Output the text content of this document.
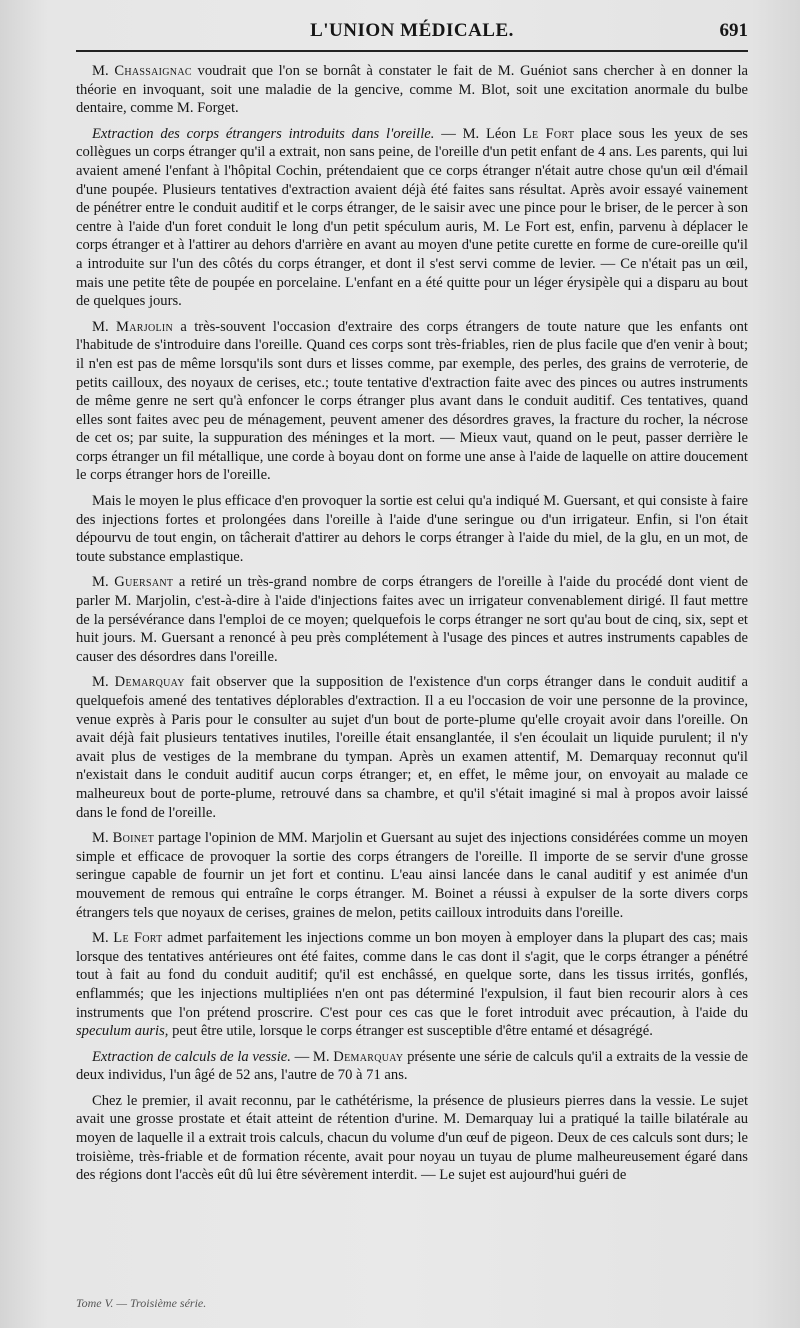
L'UNION MÉDICALE.	691

M. Chassaignac voudrait que l'on se bornât à constater le fait de M. Guéniot sans chercher à en donner la théorie en invoquant, soit une maladie de la gencive, comme M. Blot, soit une excitation anormale du bulbe dentaire, comme M. Forget.

Extraction des corps étrangers introduits dans l'oreille. — M. Léon Le Fort place sous les yeux de ses collègues un corps étranger qu'il a extrait, non sans peine, de l'oreille d'un petit enfant de 4 ans. Les parents, qui lui avaient amené l'enfant à l'hôpital Cochin, prétendaient que ce corps étranger n'était autre chose qu'un œil d'émail d'une poupée. Plusieurs tentatives d'extraction avaient déjà été faites sans résultat. Après avoir essayé vainement de pénétrer entre le conduit auditif et le corps étranger, de le saisir avec une pince pour le briser, de le percer à son centre à l'aide d'un foret conduit le long d'un petit spéculum auris, M. Le Fort est, enfin, parvenu à déplacer le corps étranger et à l'attirer au dehors d'arrière en avant au moyen d'une petite curette en forme de cure-oreille qu'il a introduite sur l'un des côtés du corps étranger, et dont il s'est servi comme de levier. — Ce n'était pas un œil, mais une petite tête de poupée en porcelaine. L'enfant en a été quitte pour un léger érysipèle qui a disparu au bout de quelques jours.

M. Marjolin a très-souvent l'occasion d'extraire des corps étrangers de toute nature que les enfants ont l'habitude de s'introduire dans l'oreille. Quand ces corps sont très-friables, rien de plus facile que d'en venir à bout; il n'en est pas de même lorsqu'ils sont durs et lisses comme, par exemple, des perles, des grains de verroterie, de petits cailloux, des noyaux de cerises, etc.; toute tentative d'extraction faite avec des pinces ou autres instruments de même genre ne sert qu'à enfoncer le corps étranger plus avant dans le conduit auditif. Ces tentatives, quand elles sont faites avec peu de ménagement, peuvent amener des désordres graves, la fracture du rocher, la nécrose de cet os; par suite, la suppuration des méninges et la mort. — Mieux vaut, quand on le peut, passer derrière le corps étranger un fil métallique, une corde à boyau dont on forme une anse à l'aide de laquelle on attire doucement le corps étranger hors de l'oreille.

Mais le moyen le plus efficace d'en provoquer la sortie est celui qu'a indiqué M. Guersant, et qui consiste à faire des injections fortes et prolongées dans l'oreille à l'aide d'une seringue ou d'un irrigateur. Enfin, si l'on était dépourvu de tout engin, on tâcherait d'attirer au dehors le corps étranger à l'aide du miel, de la glu, en un mot, de toute substance emplastique.

M. Guersant a retiré un très-grand nombre de corps étrangers de l'oreille à l'aide du procédé dont vient de parler M. Marjolin, c'est-à-dire à l'aide d'injections faites avec un irrigateur convenablement dirigé. Il faut mettre de la persévérance dans l'emploi de ce moyen; quelquefois le corps étranger ne sort qu'au bout de cinq, six, sept et huit jours. M. Guersant a renoncé à peu près complétement à l'usage des pinces et autres instruments capables de causer des désordres dans l'oreille.

M. Demarquay fait observer que la supposition de l'existence d'un corps étranger dans le conduit auditif a quelquefois amené des tentatives déplorables d'extraction. Il a eu l'occasion de voir une personne de la province, venue exprès à Paris pour le consulter au sujet d'un bout de porte-plume qu'elle croyait avoir dans l'oreille. On avait déjà fait plusieurs tentatives inutiles, l'oreille était ensanglantée, il s'en écoulait un liquide purulent; il n'y avait plus de vestiges de la membrane du tympan. Après un examen attentif, M. Demarquay reconnut qu'il n'existait dans le conduit auditif aucun corps étranger; et, en effet, le même jour, on envoyait au malade ce malheureux bout de porte-plume, retrouvé dans sa chambre, et qu'il s'était imaginé si mal à propos avoir laissé dans le fond de l'oreille.

M. Boinet partage l'opinion de MM. Marjolin et Guersant au sujet des injections considérées comme un moyen simple et efficace de provoquer la sortie des corps étrangers de l'oreille. Il importe de se servir d'une grosse seringue capable de fournir un jet fort et continu. L'eau ainsi lancée dans le canal auditif y est animée d'un mouvement de remous qui entraîne le corps étranger. M. Boinet a réussi à expulser de la sorte divers corps étrangers tels que noyaux de cerises, graines de melon, petits cailloux introduits dans l'oreille.

M. Le Fort admet parfaitement les injections comme un bon moyen à employer dans la plupart des cas; mais lorsque des tentatives antérieures ont été faites, comme dans le cas dont il s'agit, que le corps étranger a pénétré tout à fait au fond du conduit auditif; qu'il est enchâssé, en quelque sorte, dans les tissus irrités, gonflés, enflammés; que les injections multipliées n'en ont pas déterminé l'expulsion, il faut bien recourir alors à ces instruments que l'on prétend proscrire. C'est pour ces cas que le foret introduit avec précaution, à l'aide du speculum auris, peut être utile, lorsque le corps étranger est susceptible d'être entamé et désagrégé.

Extraction de calculs de la vessie. — M. Demarquay présente une série de calculs qu'il a extraits de la vessie de deux individus, l'un âgé de 52 ans, l'autre de 70 à 71 ans.

Chez le premier, il avait reconnu, par le cathétérisme, la présence de plusieurs pierres dans la vessie. Le sujet avait une grosse prostate et était atteint de rétention d'urine. M. Demarquay lui a pratiqué la taille bilatérale au moyen de laquelle il a extrait trois calculs, chacun du volume d'un œuf de pigeon. Deux de ces calculs sont durs; le troisième, très-friable et de formation récente, avait pour noyau un tuyau de plume malheureusement égaré dans des régions dont l'accès eût dû lui être sévèrement interdit. — Le sujet est aujourd'hui guéri de

Tome V. — Troisième série.
